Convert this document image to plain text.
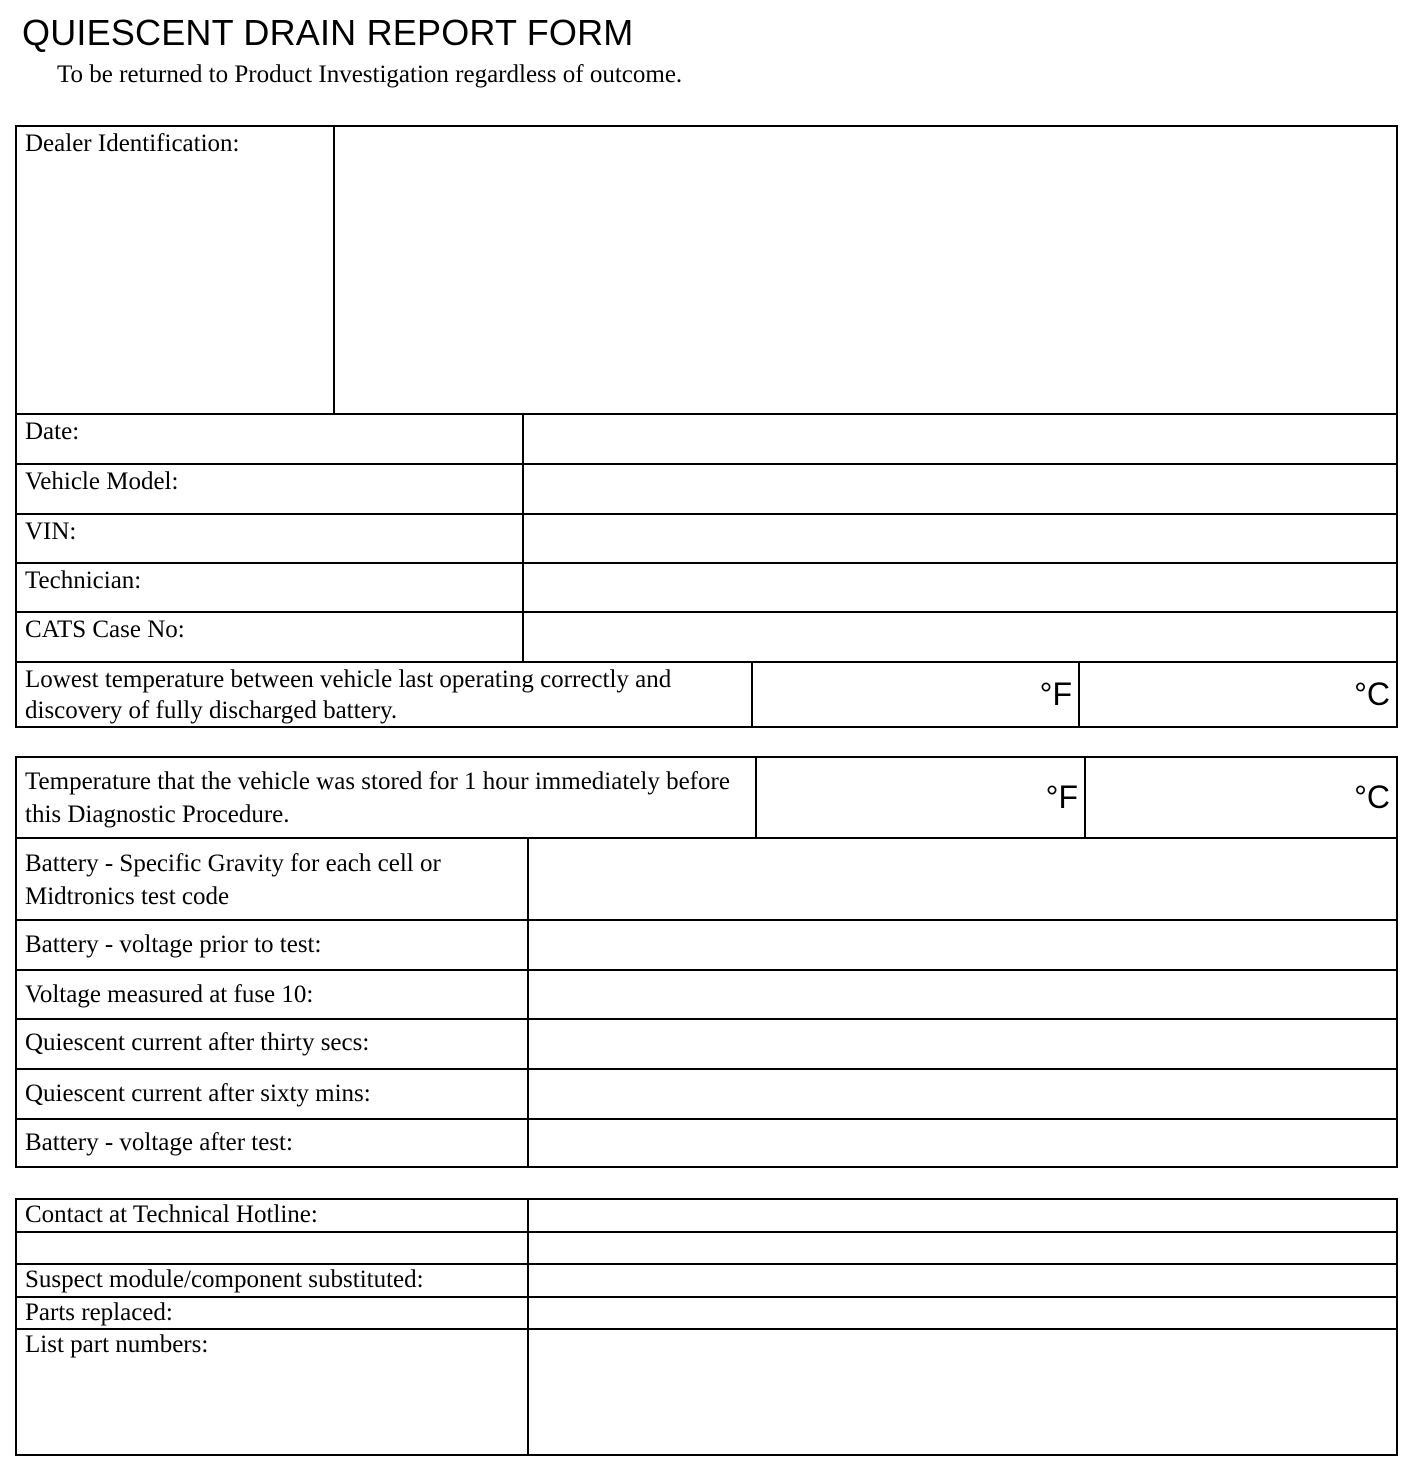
QUIESCENT DRAIN REPORT FORM
To be returned to Product Investigation regardless of outcome.
Dealer Identification:				
Date:				
Vehicle Model:				
VIN:				
Technician:				
CATS Case No:				
Lowest temperature between vehicle last operating correctly and discovery of fully discharged battery.			°F	°C
Temperature that the vehicle was stored for 1 hour immediately before this Diagnostic Procedure.		°F	°C
Battery - Specific Gravity for each cell or Midtronics test code			
Battery - voltage prior to test:			
Voltage measured at fuse 10:			
Quiescent current after thirty secs:			
Quiescent current after sixty mins:			
Battery - voltage after test:			
Contact at Technical Hotline:	

Suspect module/component substituted:	
Parts replaced:	
List part numbers:	
